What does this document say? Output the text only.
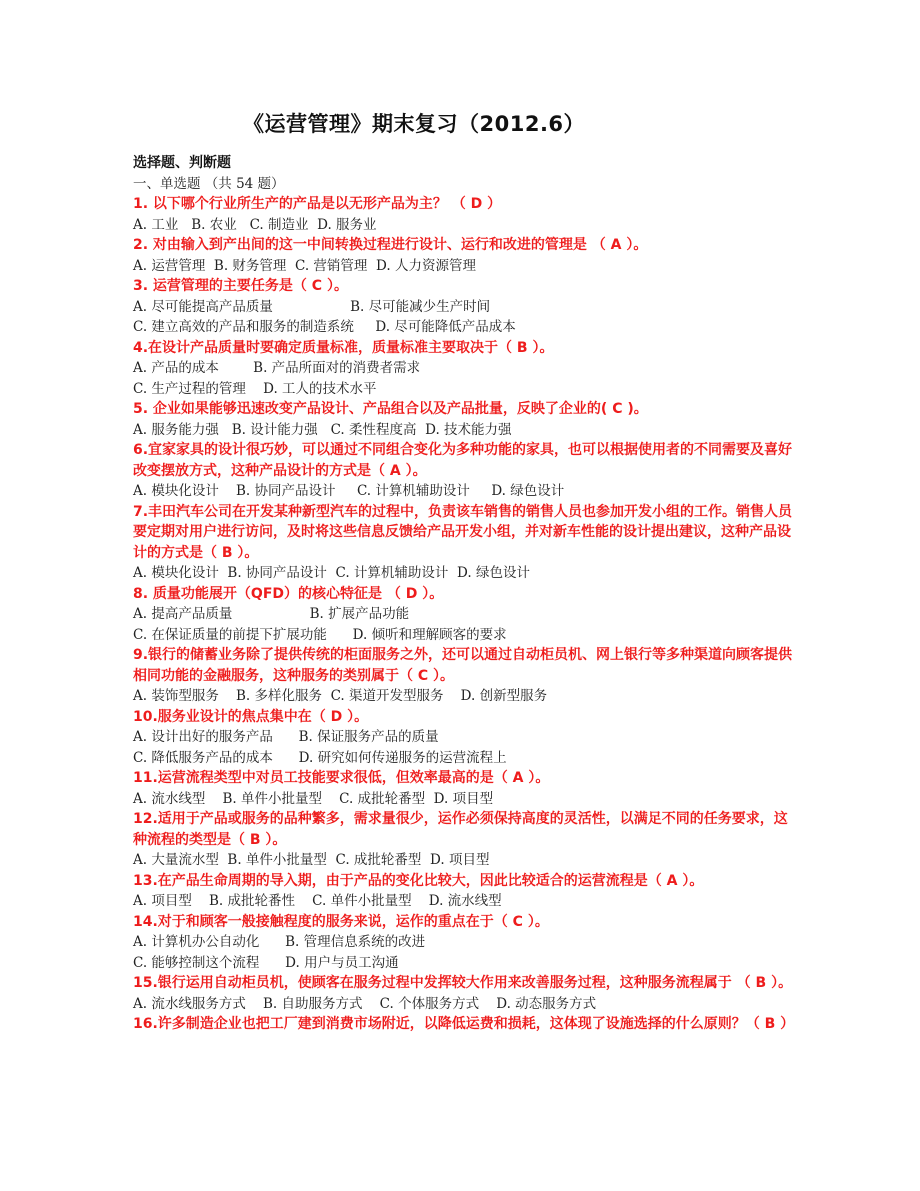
《运营管理》期末复习（2012.6）
选择题、判断题
一、单选题 （共 54 题）
1. 以下哪个行业所生产的产品是以无形产品为主？ （ D ）
A. 工业   B. 农业   C. 制造业  D. 服务业
2. 对由输入到产出间的这一中间转换过程进行设计、运行和改进的管理是 （ A ）。
A. 运营管理  B. 财务管理  C. 营销管理  D. 人力资源管理
3. 运营管理的主要任务是（ C ）。
A. 尽可能提高产品质量                  B. 尽可能减少生产时间
C. 建立高效的产品和服务的制造系统     D. 尽可能降低产品成本
4.在设计产品质量时要确定质量标准，质量标准主要取决于（ B ）。
A. 产品的成本        B. 产品所面对的消费者需求
C. 生产过程的管理    D. 工人的技术水平
5. 企业如果能够迅速改变产品设计、产品组合以及产品批量，反映了企业的( C )。
A. 服务能力强   B. 设计能力强   C. 柔性程度高  D. 技术能力强
6.宜家家具的设计很巧妙，可以通过不同组合变化为多种功能的家具，也可以根据使用者的不同需要及喜好改变摆放方式，这种产品设计的方式是（ A ）。
A. 模块化设计    B. 协同产品设计     C. 计算机辅助设计     D. 绿色设计
7.丰田汽车公司在开发某种新型汽车的过程中，负责该车销售的销售人员也参加开发小组的工作。销售人员要定期对用户进行访问，及时将这些信息反馈给产品开发小组，并对新车性能的设计提出建议，这种产品设计的方式是（ B ）。
A. 模块化设计  B. 协同产品设计  C. 计算机辅助设计  D. 绿色设计
8. 质量功能展开（QFD）的核心特征是 （ D ）。
A. 提高产品质量                  B. 扩展产品功能
C. 在保证质量的前提下扩展功能      D. 倾听和理解顾客的要求
9.银行的储蓄业务除了提供传统的柜面服务之外，还可以通过自动柜员机、网上银行等多种渠道向顾客提供相同功能的金融服务，这种服务的类别属于（ C ）。
A. 装饰型服务    B. 多样化服务  C. 渠道开发型服务    D. 创新型服务
10.服务业设计的焦点集中在（ D ）。
A. 设计出好的服务产品      B. 保证服务产品的质量
C. 降低服务产品的成本      D. 研究如何传递服务的运营流程上
11.运营流程类型中对员工技能要求很低，但效率最高的是（ A ）。
A. 流水线型    B. 单件小批量型    C. 成批轮番型  D. 项目型
12.适用于产品或服务的品种繁多，需求量很少，运作必须保持高度的灵活性，以满足不同的任务要求，这种流程的类型是（ B ）。
A. 大量流水型  B. 单件小批量型  C. 成批轮番型  D. 项目型
13.在产品生命周期的导入期，由于产品的变化比较大，因此比较适合的运营流程是（ A ）。
A. 项目型    B. 成批轮番性    C. 单件小批量型    D. 流水线型
14.对于和顾客一般接触程度的服务来说，运作的重点在于（ C ）。
A. 计算机办公自动化      B. 管理信息系统的改进
C. 能够控制这个流程      D. 用户与员工沟通
15.银行运用自动柜员机，使顾客在服务过程中发挥较大作用来改善服务过程，这种服务流程属于 （ B ）。
A. 流水线服务方式    B. 自助服务方式    C. 个体服务方式    D. 动态服务方式
16.许多制造企业也把工厂建到消费市场附近，以降低运费和损耗，这体现了设施选择的什么原则？（ B ）
